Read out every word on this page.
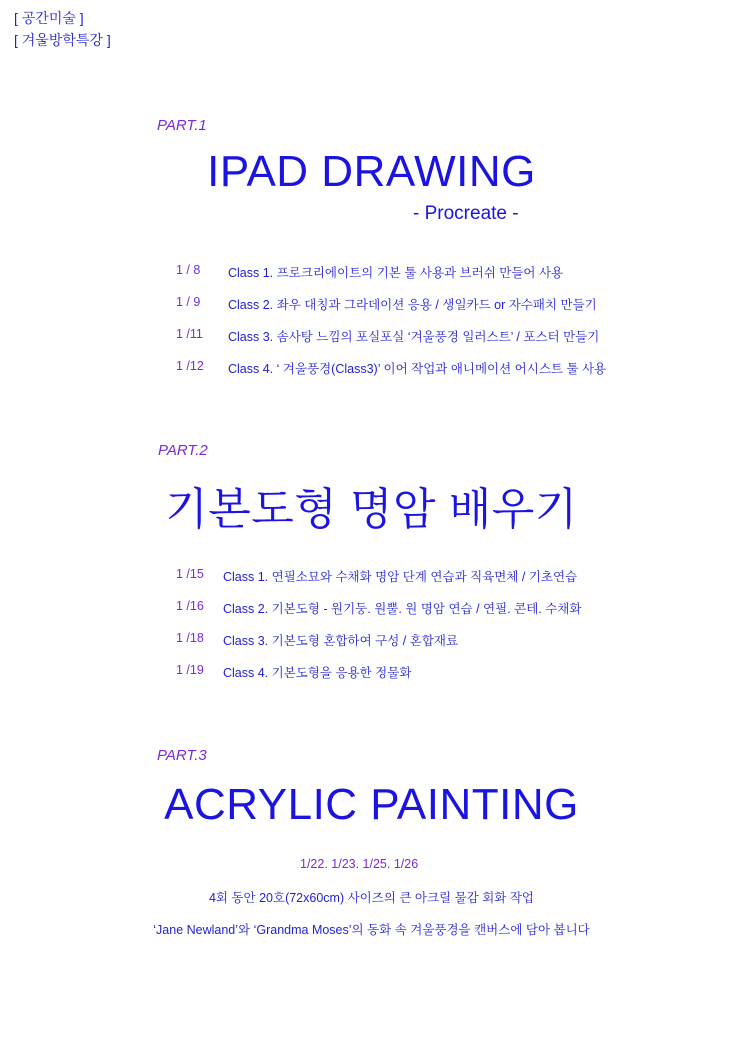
[ 공간미술 ]
[ 겨울방학특강 ]
PART.1
IPAD DRAWING
- Procreate -
1 / 8 Class 1. 프로크리에이트의 기본 툴 사용과 브러쉬 만들어 사용
1 / 9 Class 2. 좌우 대칭과 그라데이션 응용 / 생일카드 or 자수패치 만들기
1 /11 Class 3. 솜사탕 느낌의 포실포실 ‘겨울풍경 일러스트’ / 포스터 만들기
1 /12 Class 4. ‘ 겨울풍경(Class3)’ 이어 작업과 애니메이션 어시스트 툴 사용
PART.2
기본도형 명암 배우기
1 /15 Class 1. 연필소묘와 수채화 명암 단계 연습과 직육면체 / 기초연습
1 /16 Class 2. 기본도형 - 원기둥. 원뿔. 원 명암 연습 / 연필. 콘테. 수채화
1 /18 Class 3. 기본도형 혼합하여 구성 / 혼합재료
1 /19 Class 4. 기본도형을 응용한 정물화
PART.3
ACRYLIC PAINTING
1/22. 1/23. 1/25. 1/26
4회 동안 20호(72x60cm) 사이즈의 큰 아크릴 물감 회화 작업
‘Jane Newland’와 ‘Grandma Moses’의 동화 속 겨울풍경을 캔버스에 담아 봅니다
